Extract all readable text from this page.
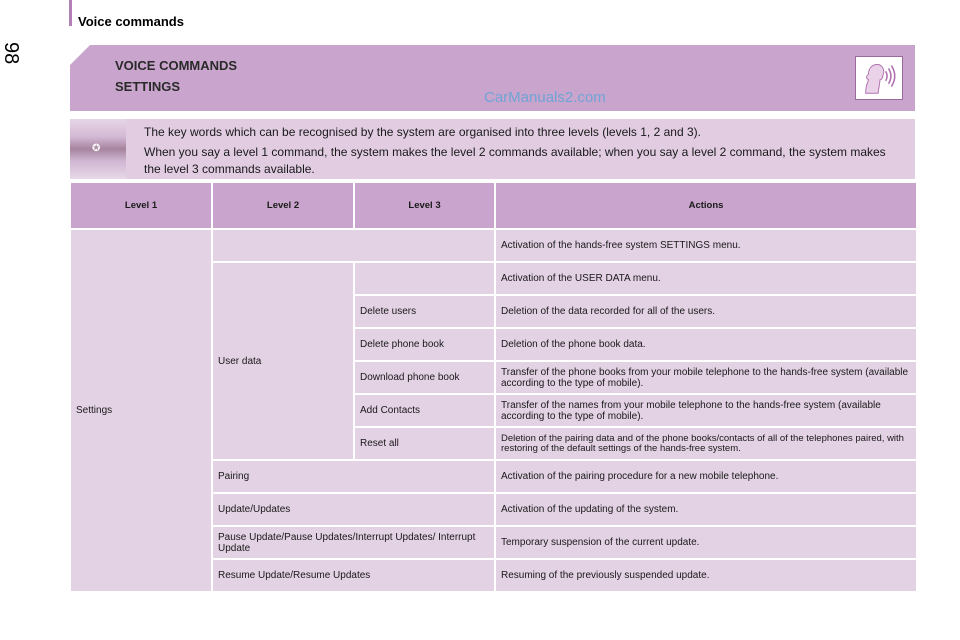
Voice commands
98
VOICE COMMANDS
SETTINGS
CarManuals2.com
✪

The key words which can be recognised by the system are organised into three levels (levels 1, 2 and 3).

When you say a level 1 command, the system makes the level 2 commands available; when you say a level 2 command, the system makes the level 3 commands available.

Level 1	Level 2	Level 3	Actions
Settings			Activation of the hands-free system SETTINGS menu.
	User data		Activation of the USER DATA menu.
		Delete users	Deletion of the data recorded for all of the users.
		Delete phone book	Deletion of the phone book data.
		Download phone book	Transfer of the phone books from your mobile telephone to the hands-free system (available according to the type of mobile).
		Add Contacts	Transfer of the names from your mobile telephone to the hands-free system (available according to the type of mobile).
		Reset all	Deletion of the pairing data and of the phone books/contacts of all of the telephones paired, with restoring of the default settings of the hands-free system.
	Pairing		Activation of the pairing procedure for a new mobile telephone.
	Update/Updates		Activation of the updating of the system.
	Pause Update/Pause Updates/Interrupt Updates/ Interrupt Update		Temporary suspension of the current update.
	Resume Update/Resume Updates		Resuming of the previously suspended update.
